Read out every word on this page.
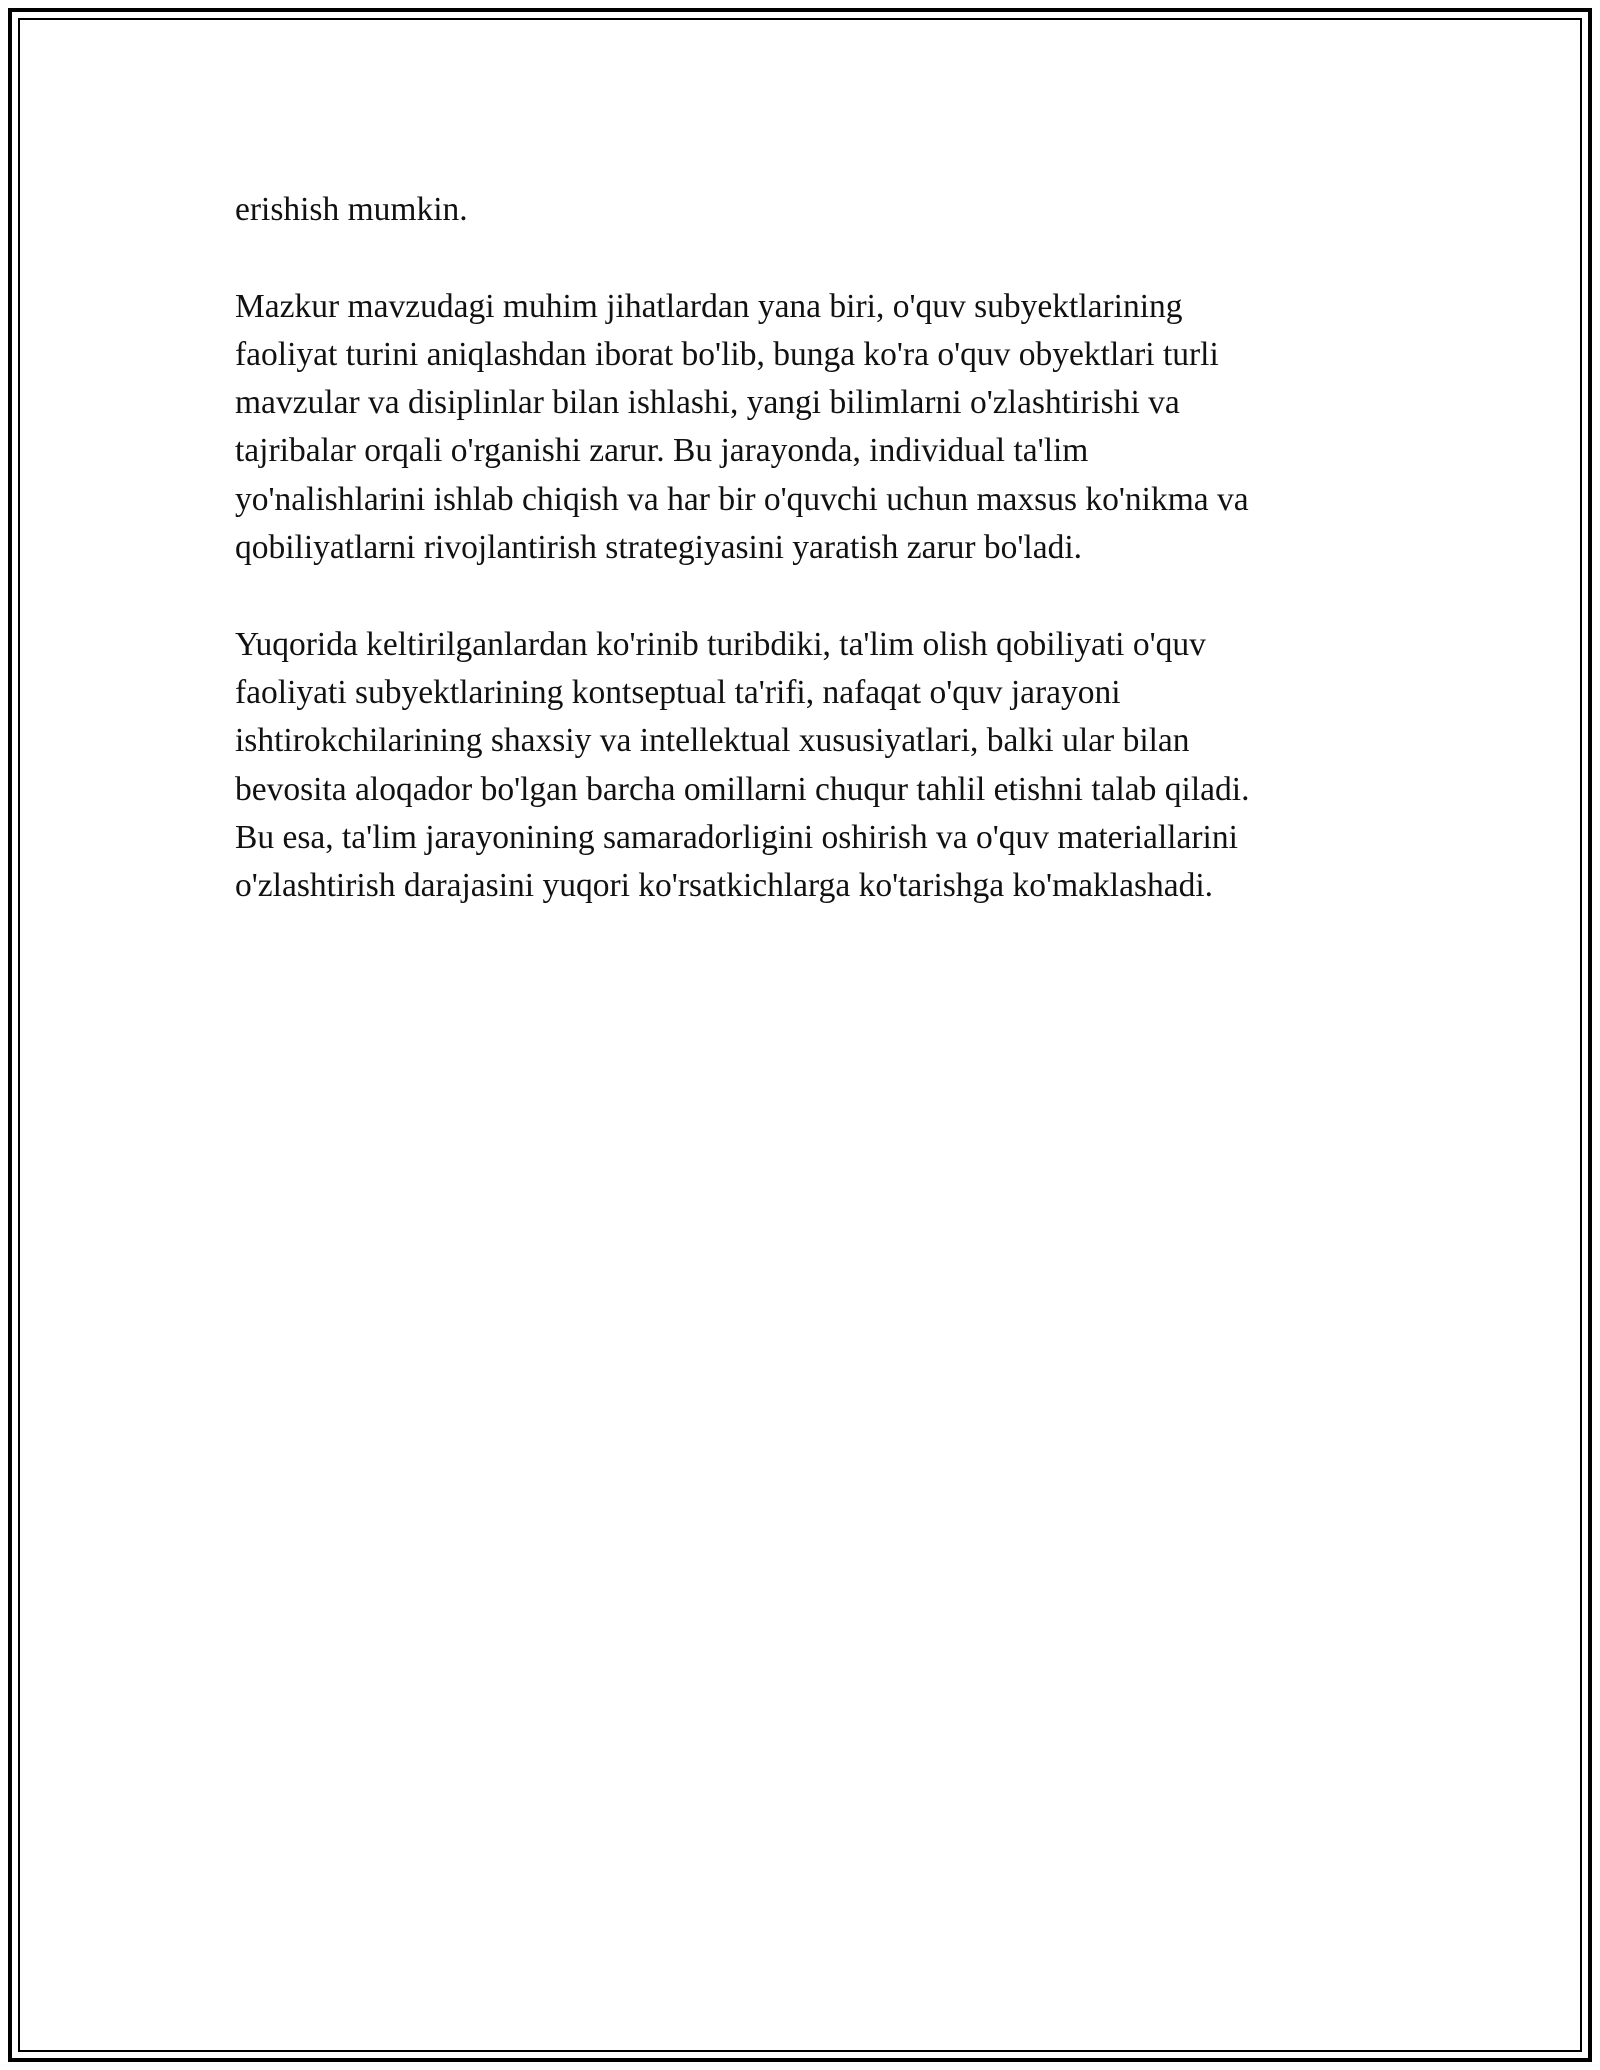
erishish mumkin.

Mazkur mavzudagi muhim jihatlardan yana biri, o'quv subyektlarining
faoliyat turini aniqlashdan iborat bo'lib, bunga ko'ra o'quv obyektlari turli
mavzular va disiplinlar bilan ishlashi, yangi bilimlarni o'zlashtirishi va
tajribalar orqali o'rganishi zarur. Bu jarayonda, individual ta'lim
yo'nalishlarini ishlab chiqish va har bir o'quvchi uchun maxsus ko'nikma va
qobiliyatlarni rivojlantirish strategiyasini yaratish zarur bo'ladi.

Yuqorida keltirilganlardan ko'rinib turibdiki, ta'lim olish qobiliyati o'quv
faoliyati subyektlarining kontseptual ta'rifi, nafaqat o'quv jarayoni
ishtirokchilarining shaxsiy va intellektual xususiyatlari, balki ular bilan
bevosita aloqador bo'lgan barcha omillarni chuqur tahlil etishni talab qiladi.
Bu esa, ta'lim jarayonining samaradorligini oshirish va o'quv materiallarini
o'zlashtirish darajasini yuqori ko'rsatkichlarga ko'tarishga ko'maklashadi.
